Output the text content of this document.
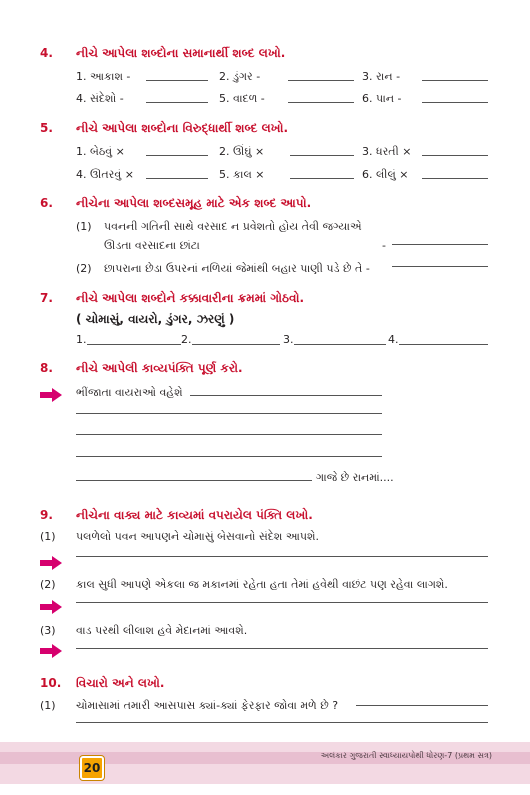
4. નીચે આપેલા શબ્દોના સમાનાર્થી શબ્દ લખો.
1. આકાશ -	2. ડુંગર -	3. રાન -
4. સંદેશો -	5. વાદળ -	6. પાન -
5. નીચે આપેલા શબ્દોના વિરુદ્ધાર્થી શબ્દ લખો.
1. બેઠવું ×	2. ઊંઘું ×	3. ધરતી ×
4. ઊતરવું ×	5. કાલ ×	6. લીલું ×
6. નીચેના આપેલા શબ્દસમૂહ માટે એક શબ્દ આપો.
(1) પવનની ગતિની સાથે વરસાદ ન પ્રવેશતો હોય તેવી જગ્યાએ
ઊડતા વરસાદના છાંટા	-
(2) છાપરાના છેડા ઉપરનાં નળિયાં જેમાંથી બહાર પાણી પડે છે તે -
7. નીચે આપેલા શબ્દોને કક્કાવારીના ક્રમમાં ગોઠવો.
( ચોમાસું, વાયરો, ડુંગર, ઝરણું )
1.	2.	3.	4.
8. નીચે આપેલી કાવ્યપંક્તિ પૂર્ણ કરો.
ભીંજાતા વાયરાઓ વહેશે
ગાજે છે રાનમાં....
9. નીચેના વાક્ય માટે કાવ્યમાં વપરાયેલ પંક્તિ લખો.
(1) પલળેલો પવન આપણને ચોમાસું બેસવાનો સંદેશ આપશે.
(2) કાલ સુધી આપણે એકલા જ મકાનમાં રહેતા હતા તેમાં હવેથી વાછંટ પણ રહેવા લાગશે.
(3) વાડ પરથી લીલાશ હવે મેદાનમાં આવશે.
10. વિચારો અને લખો.
(1) ચોમાસામાં તમારી આસપાસ ક્યાં-ક્યાં ફેરફાર જોવા મળે છે ?
અલંકાર ગુજરાતી સ્વાધ્યાયપોથી ધોરણ-7 (પ્રથમ સત્ર)
20
